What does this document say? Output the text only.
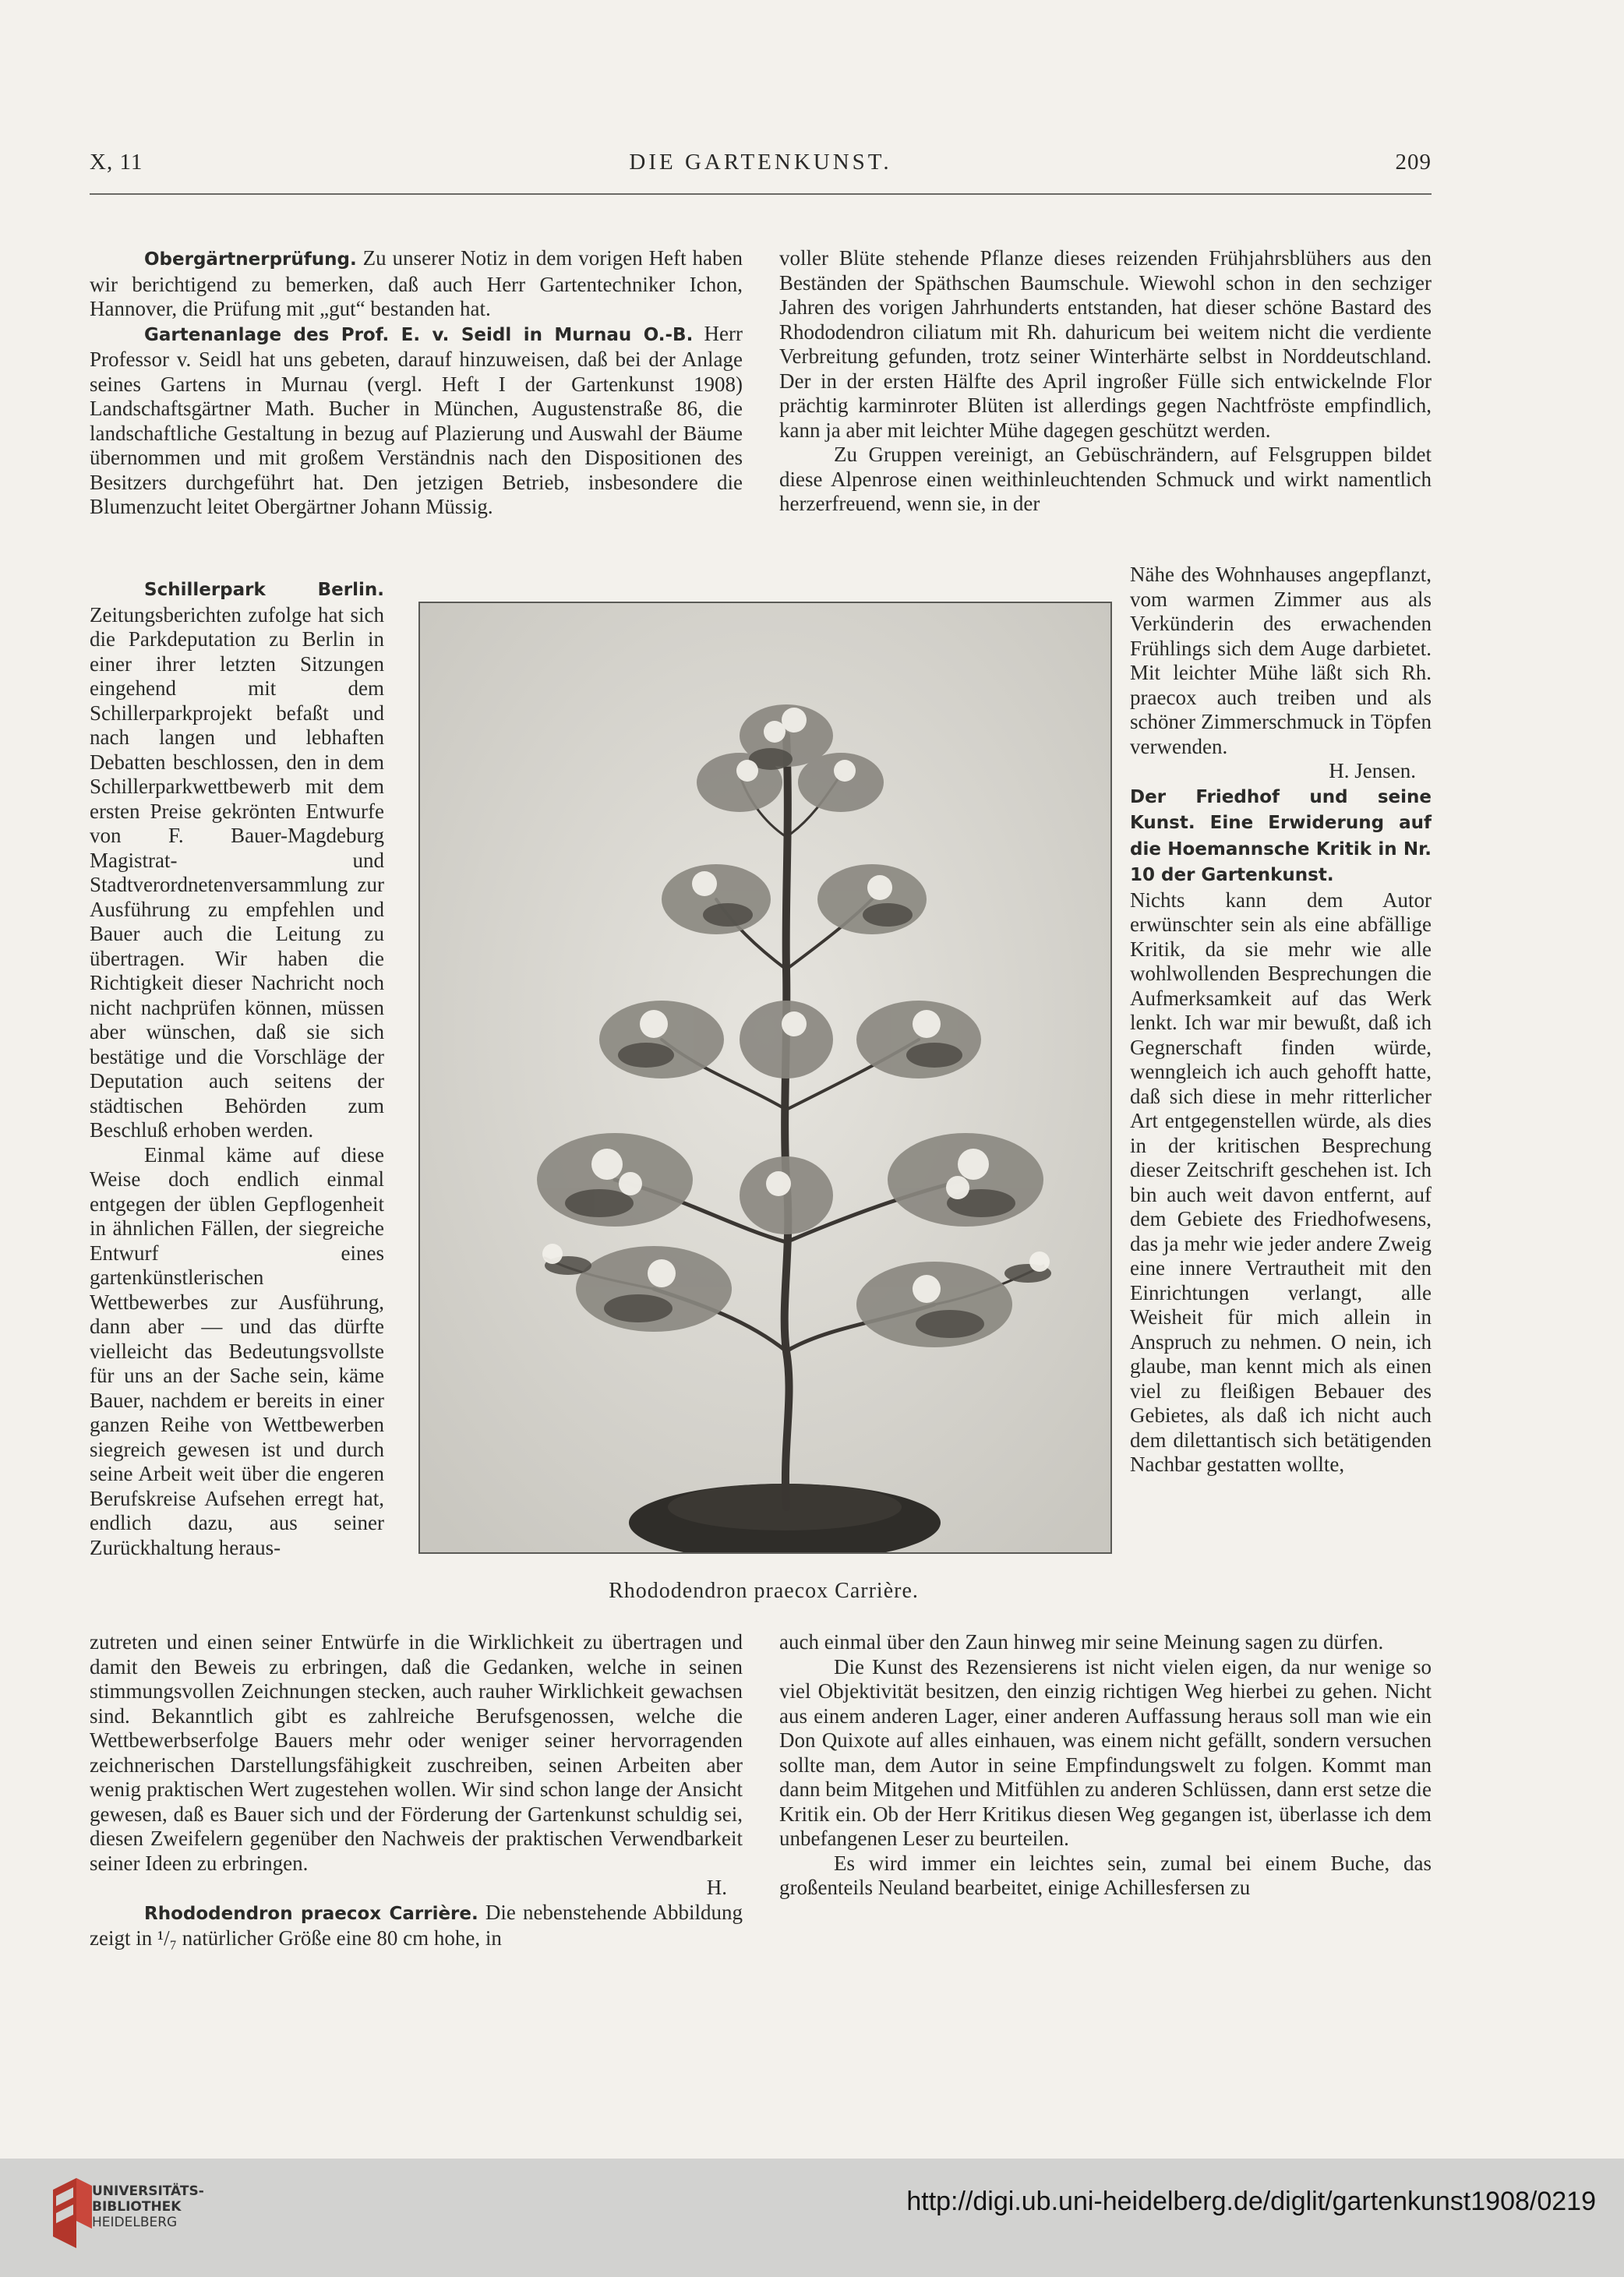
X, 11	DIE GARTENKUNST.	209

Obergärtnerprüfung. Zu unserer Notiz in dem vorigen Heft haben wir berichtigend zu bemerken, daß auch Herr Gartentechniker Ichon, Hannover, die Prüfung mit „gut“ bestanden hat.

Gartenanlage des Prof. E. v. Seidl in Murnau O.-B. Herr Professor v. Seidl hat uns gebeten, darauf hinzuweisen, daß bei der Anlage seines Gartens in Murnau (vergl. Heft I der Gartenkunst 1908) Landschaftsgärtner Math. Bucher in München, Augustenstraße 86, die landschaftliche Gestaltung in bezug auf Plazierung und Auswahl der Bäume übernommen und mit großem Verständnis nach den Dispositionen des Besitzers durchgeführt hat. Den jetzigen Betrieb, insbesondere die Blumenzucht leitet Obergärtner Johann Müssig.

Schillerpark Berlin. Zeitungsberichten zufolge hat sich die Parkdeputation zu Berlin in einer ihrer letzten Sitzungen eingehend mit dem Schillerparkprojekt befaßt und nach langen und lebhaften Debatten beschlossen, den in dem Schillerparkwettbewerb mit dem ersten Preise gekrönten Entwurfe von F. Bauer-Magdeburg Magistrat- und Stadtverordnetenversammlung zur Ausführung zu empfehlen und Bauer auch die Leitung zu übertragen. Wir haben die Richtigkeit dieser Nachricht noch nicht nachprüfen können, müssen aber wünschen, daß sie sich bestätige und die Vorschläge der Deputation auch seitens der städtischen Behörden zum Beschluß erhoben werden.

Einmal käme auf diese Weise doch endlich einmal entgegen der üblen Gepflogenheit in ähnlichen Fällen, der siegreiche Entwurf eines gartenkünstlerischen Wettbewerbes zur Ausführung, dann aber — und das dürfte vielleicht das Bedeutungsvollste für uns an der Sache sein, käme Bauer, nachdem er bereits in einer ganzen Reihe von Wettbewerben siegreich gewesen ist und durch seine Arbeit weit über die engeren Berufskreise Aufsehen erregt hat, endlich dazu, aus seiner Zurückhaltung heraus-

zutreten und einen seiner Entwürfe in die Wirklichkeit zu übertragen und damit den Beweis zu erbringen, daß die Gedanken, welche in seinen stimmungsvollen Zeichnungen stecken, auch rauher Wirklichkeit gewachsen sind. Bekanntlich gibt es zahlreiche Berufsgenossen, welche die Wettbewerbserfolge Bauers mehr oder weniger seiner hervorragenden zeichnerischen Darstellungsfähigkeit zuschreiben, seinen Arbeiten aber wenig praktischen Wert zugestehen wollen. Wir sind schon lange der Ansicht gewesen, daß es Bauer sich und der Förderung der Gartenkunst schuldig sei, diesen Zweifelern gegenüber den Nachweis der praktischen Verwendbarkeit seiner Ideen zu erbringen.

H.

Rhododendron praecox Carrière. Die nebenstehende Abbildung zeigt in ¹/₇ natürlicher Größe eine 80 cm hohe, in

voller Blüte stehende Pflanze dieses reizenden Frühjahrsblühers aus den Beständen der Späthschen Baumschule. Wiewohl schon in den sechziger Jahren des vorigen Jahrhunderts entstanden, hat dieser schöne Bastard des Rhododendron ciliatum mit Rh. dahuricum bei weitem nicht die verdiente Verbreitung gefunden, trotz seiner Winterhärte selbst in Norddeutschland. Der in der ersten Hälfte des April ingroßer Fülle sich entwickelnde Flor prächtig karminroter Blüten ist allerdings gegen Nachtfröste empfindlich, kann ja aber mit leichter Mühe dagegen geschützt werden.

Zu Gruppen vereinigt, an Gebüschrändern, auf Felsgruppen bildet diese Alpenrose einen weithinleuchtenden Schmuck und wirkt namentlich herzerfreuend, wenn sie, in der

Nähe des Wohnhauses angepflanzt, vom warmen Zimmer aus als Verkünderin des erwachenden Frühlings sich dem Auge darbietet. Mit leichter Mühe läßt sich Rh. praecox auch treiben und als schöner Zimmerschmuck in Töpfen verwenden.

H. Jensen.

Der Friedhof und seine Kunst. Eine Erwiderung auf die Hoemannsche Kritik in Nr. 10 der Gartenkunst.

Nichts kann dem Autor erwünschter sein als eine abfällige Kritik, da sie mehr wie alle wohlwollenden Besprechungen die Aufmerksamkeit auf das Werk lenkt. Ich war mir bewußt, daß ich Gegnerschaft finden würde, wenngleich ich auch gehofft hatte, daß sich diese in mehr ritterlicher Art entgegenstellen würde, als dies in der kritischen Besprechung dieser Zeitschrift geschehen ist. Ich bin auch weit davon entfernt, auf dem Gebiete des Friedhofwesens, das ja mehr wie jeder andere Zweig eine innere Vertrautheit mit den Einrichtungen verlangt, alle Weisheit für mich allein in Anspruch zu nehmen. O nein, ich glaube, man kennt mich als einen viel zu fleißigen Bebauer des Gebietes, als daß ich nicht auch dem dilettantisch sich betätigenden Nachbar gestatten wollte,

auch einmal über den Zaun hinweg mir seine Meinung sagen zu dürfen.

Die Kunst des Rezensierens ist nicht vielen eigen, da nur wenige so viel Objektivität besitzen, den einzig richtigen Weg hierbei zu gehen. Nicht aus einem anderen Lager, einer anderen Auffassung heraus soll man wie ein Don Quixote auf alles einhauen, was einem nicht gefällt, sondern versuchen sollte man, dem Autor in seine Empfindungswelt zu folgen. Kommt man dann beim Mitgehen und Mitfühlen zu anderen Schlüssen, dann erst setze die Kritik ein. Ob der Herr Kritikus diesen Weg gegangen ist, überlasse ich dem unbefangenen Leser zu beurteilen.

Es wird immer ein leichtes sein, zumal bei einem Buche, das großenteils Neuland bearbeitet, einige Achillesfersen zu

Rhododendron praecox Carrière.
UNIVERSITÄTS-
BIBLIOTHEK
HEIDELBERG
http://digi.ub.uni-heidelberg.de/diglit/gartenkunst1908/0219
